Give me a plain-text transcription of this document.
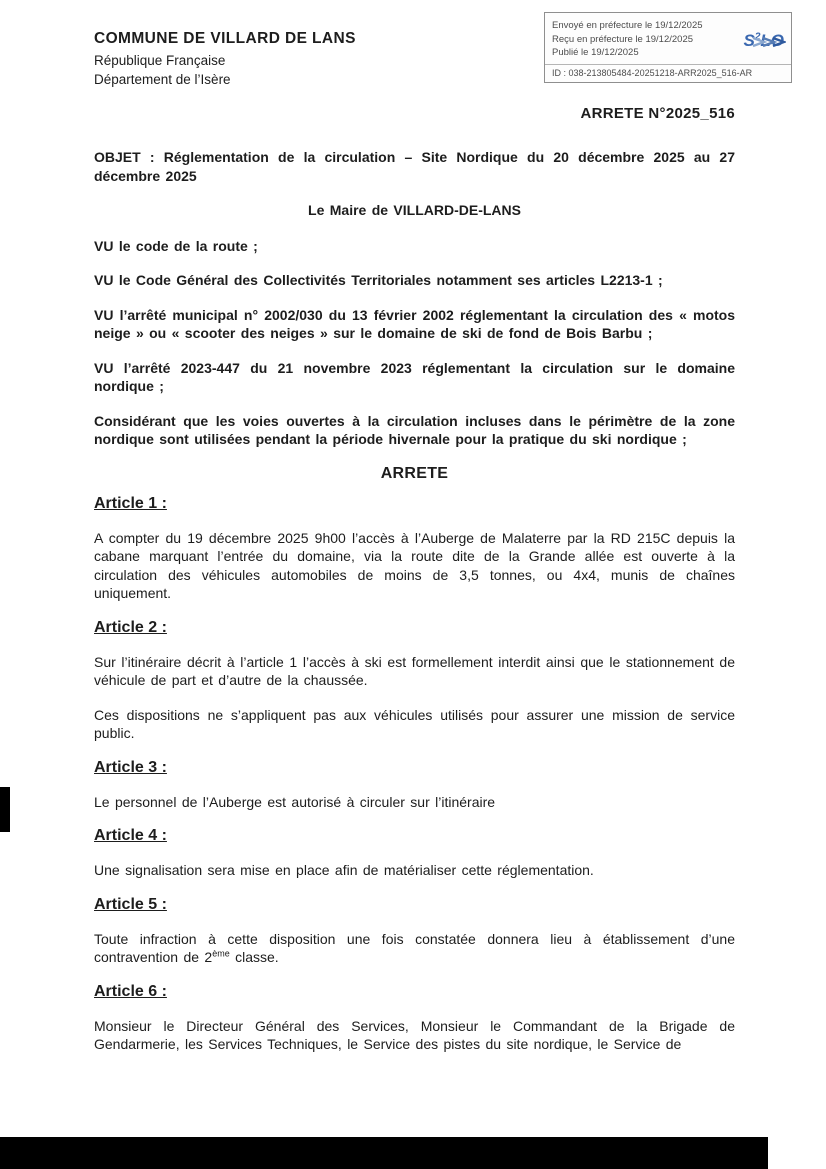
Envoyé en préfecture le 19/12/2025
Reçu en préfecture le 19/12/2025
Publié le 19/12/2025
$S^2LO$
ID : 038-213805484-20251218-ARR2025_516-AR
COMMUNE DE VILLARD DE LANS
République Française
Département de l’Isère
ARRETE N°2025_516

OBJET : Réglementation de la circulation – Site Nordique du 20 décembre 2025 au 27 décembre 2025

Le Maire de VILLARD-DE-LANS

VU le code de la route ;

VU le Code Général des Collectivités Territoriales notamment ses articles L2213-1 ;

VU l’arrêté municipal n° 2002/030 du 13 février 2002 réglementant la circulation des « motos neige » ou « scooter des neiges » sur le domaine de ski de fond de Bois Barbu ;

VU l’arrêté 2023-447 du 21 novembre 2023 réglementant la circulation sur le domaine nordique ;

Considérant que les voies ouvertes à la circulation incluses dans le périmètre de la zone nordique sont utilisées pendant la période hivernale pour la pratique du ski nordique ;

ARRETE
Article 1 :

A compter du 19 décembre 2025 9h00 l’accès à l’Auberge de Malaterre par la RD 215C depuis la cabane marquant l’entrée du domaine, via la route dite de la Grande allée est ouverte à la circulation des véhicules automobiles de moins de 3,5 tonnes, ou 4x4, munis de chaînes uniquement.

Article 2 :

Sur l’itinéraire décrit à l’article 1 l’accès à ski est formellement interdit ainsi que le stationnement de véhicule de part et d’autre de la chaussée.

Ces dispositions ne s’appliquent pas aux véhicules utilisés pour assurer une mission de service public.

Article 3 :

Le personnel de l’Auberge est autorisé à circuler sur l’itinéraire

Article 4 :

Une signalisation sera mise en place afin de matérialiser cette réglementation.

Article 5 :

Toute infraction à cette disposition une fois constatée donnera lieu à établissement d’une contravention de 2ème classe.

Article 6 :

Monsieur le Directeur Général des Services, Monsieur le Commandant de la Brigade de Gendarmerie, les Services Techniques, le Service des pistes du site nordique, le Service de
